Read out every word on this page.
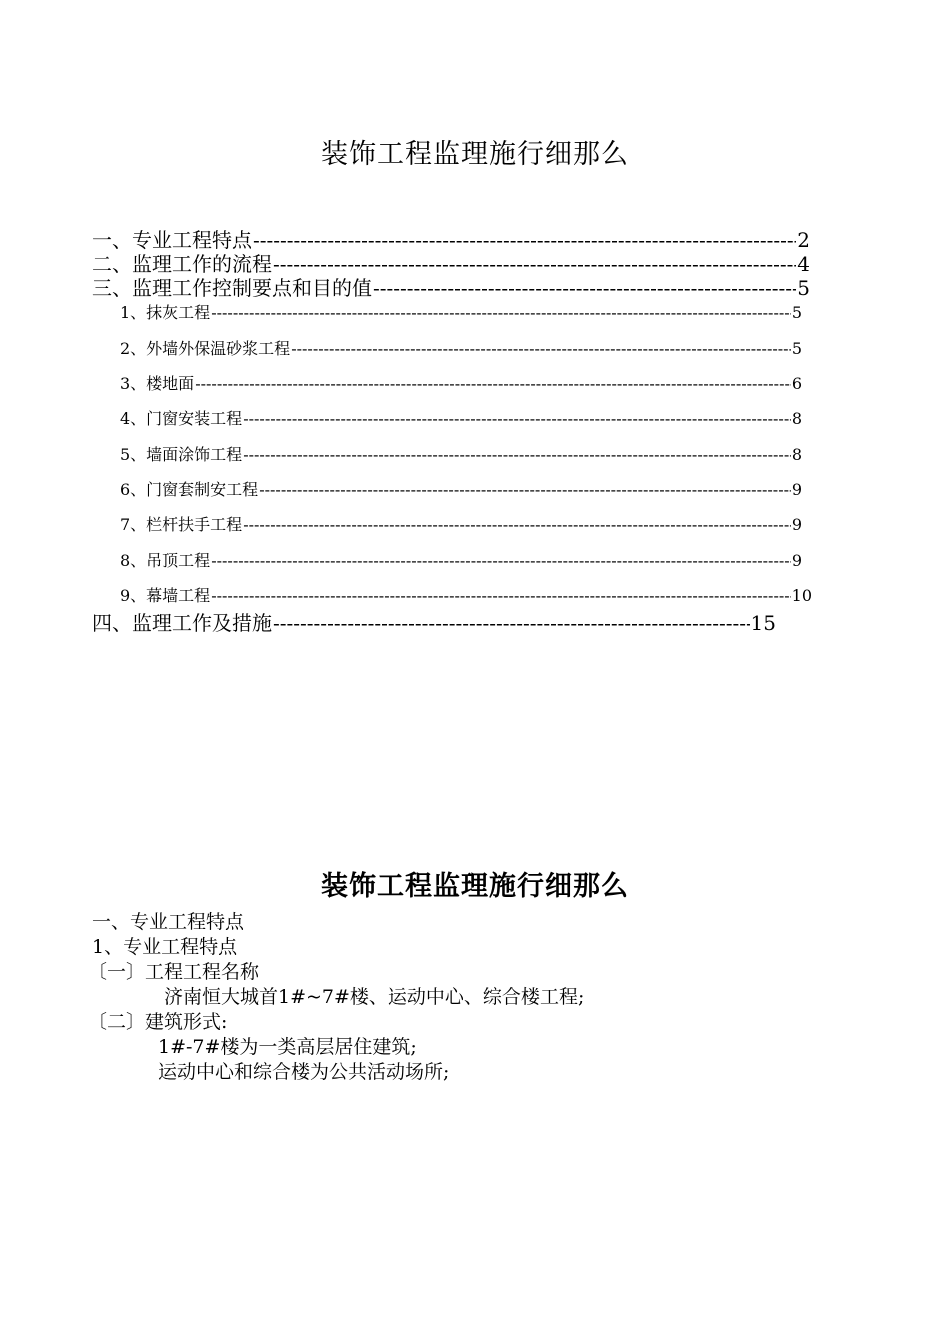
装饰工程监理施行细那么
一、专业工程特点 -----	2
二、监理工作的流程 -----	4
三、监理工作控制要点和目的值 -----	5
1、抹灰工程 -----	5
2、外墙外保温砂浆工程 -----	5
3、楼地面 -----	6
4、门窗安装工程 -----	8
5、墙面涂饰工程 -----	8
6、门窗套制安工程 -----	9
7、栏杆扶手工程 -----	9
8、吊顶工程 -----	9
9、幕墙工程 -----	10
四、监理工作及措施 -----	15
装饰工程监理施行细那么
一、专业工程特点
1、专业工程特点
〔一〕工程工程名称
济南恒大城首1#~7#楼、运动中心、综合楼工程;
〔二〕建筑形式:
1#-7#楼为一类高层居住建筑;
运动中心和综合楼为公共活动场所;
